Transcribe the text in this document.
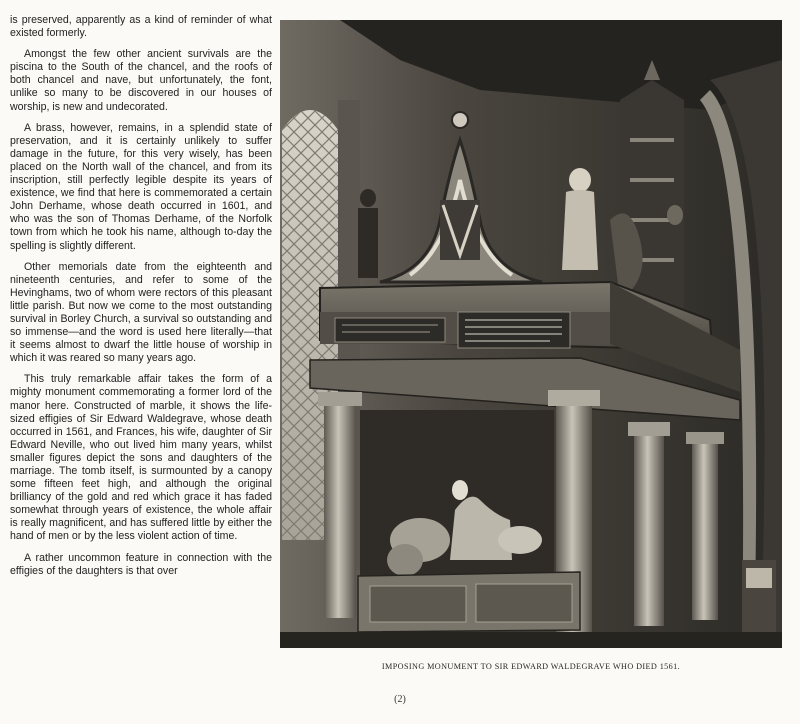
is preserved, apparently as a kind of reminder of what existed formerly.

Amongst the few other ancient survivals are the piscina to the South of the chancel, and the roofs of both chancel and nave, but unfortunately, the font, unlike so many to be discovered in our houses of worship, is new and undecorated.

A brass, however, remains, in a splendid state of preservation, and it is certainly unlikely to suffer damage in the future, for this very wisely, has been placed on the North wall of the chancel, and from its inscription, still perfectly legible despite its years of existence, we find that here is commemorated a certain John Derhame, whose death occurred in 1601, and who was the son of Thomas Derhame, of the Norfolk town from which he took his name, although to-day the spelling is slightly different.

Other memorials date from the eighteenth and nineteenth centuries, and refer to some of the Hevinghams, two of whom were rectors of this pleasant little parish. But now we come to the most outstanding survival in Borley Church, a survival so outstanding and so immense—and the word is used here literally—that it seems almost to dwarf the little house of worship in which it was reared so many years ago.

This truly remarkable affair takes the form of a mighty monument commemorating a former lord of the manor here. Constructed of marble, it shows the life-sized effigies of Sir Edward Waldegrave, whose death occurred in 1561, and Frances, his wife, daughter of Sir Edward Neville, who out lived him many years, whilst smaller figures depict the sons and daughters of the marriage. The tomb itself, is surmounted by a canopy some fifteen feet high, and although the original brilliancy of the gold and red which grace it has faded somewhat through years of existence, the whole affair is really magnificent, and has suffered little by either the hand of men or by the less violent action of time.

A rather uncommon feature in connection with the effigies of the daughters is that over

IMPOSING MONUMENT TO SIR EDWARD WALDEGRAVE WHO DIED 1561.
(2)
